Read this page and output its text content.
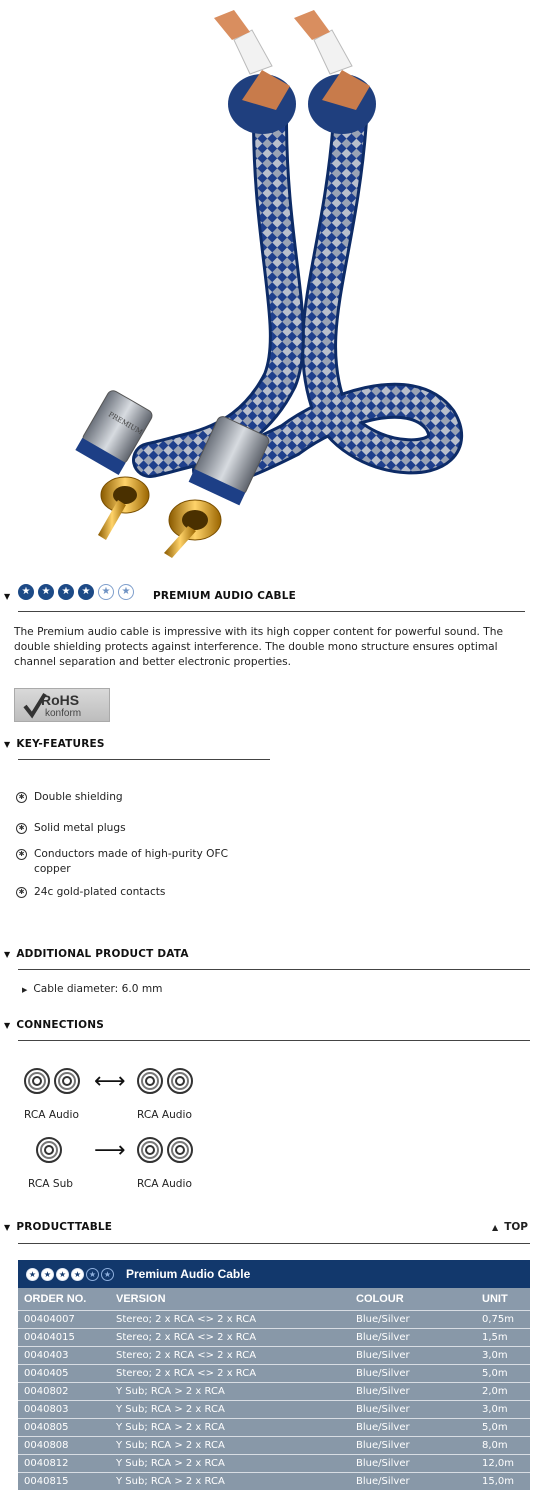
PREMIUM
▼	★	★	★	★	★	★	PREMIUM AUDIO CABLE
The Premium audio cable is impressive with its high copper content for powerful sound. The double shielding protects against interference. The double mono structure ensures optimal channel separation and better electronic properties.
RoHS
konform
▼ KEY-FEATURES
✱ Double shielding
✱ Solid metal plugs
✱ Conductors made of high-purity OFC copper
✱ 24c gold-plated contacts
▼ ADDITIONAL PRODUCT DATA
▶ Cable diameter: 6.0 mm
▼ CONNECTIONS
RCA Audio	RCA Audio
⟷
RCA Sub	RCA Audio
⟶
▼ PRODUCTTABLE	▲ TOP
★ ★ ★ ★ ★ ★ Premium Audio Cable
ORDER NO.	VERSION	COLOUR	UNIT
00404007	Stereo; 2 x RCA <> 2 x RCA	Blue/Silver	0,75m
00404015	Stereo; 2 x RCA <> 2 x RCA	Blue/Silver	1,5m
0040403	Stereo; 2 x RCA <> 2 x RCA	Blue/Silver	3,0m
0040405	Stereo; 2 x RCA <> 2 x RCA	Blue/Silver	5,0m
0040802	Y Sub; RCA > 2 x RCA	Blue/Silver	2,0m
0040803	Y Sub; RCA > 2 x RCA	Blue/Silver	3,0m
0040805	Y Sub; RCA > 2 x RCA	Blue/Silver	5,0m
0040808	Y Sub; RCA > 2 x RCA	Blue/Silver	8,0m
0040812	Y Sub; RCA > 2 x RCA	Blue/Silver	12,0m
0040815	Y Sub; RCA > 2 x RCA	Blue/Silver	15,0m
